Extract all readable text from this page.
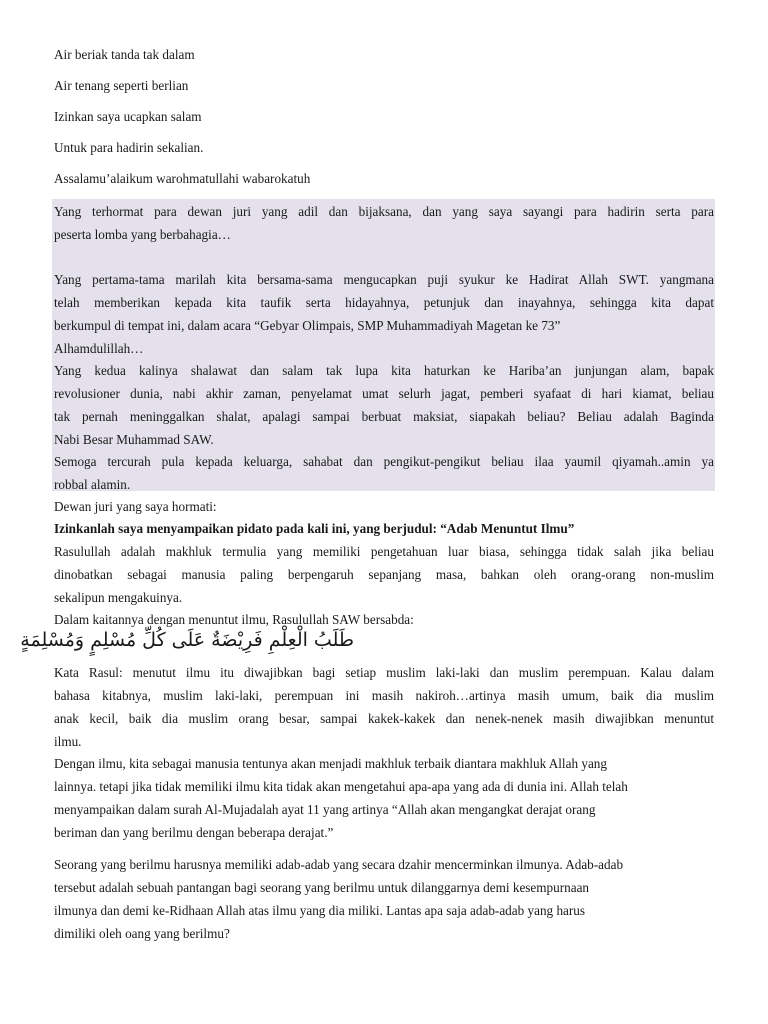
Air beriak tanda tak dalam
Air tenang seperti berlian
Izinkan saya ucapkan salam
Untuk para hadirin sekalian.
Assalamu’alaikum warohmatullahi wabarokatuh
Yang terhormat para dewan juri yang adil dan bijaksana, dan yang saya sayangi para hadirin serta para
peserta lomba yang berbahagia…
Yang pertama-tama marilah kita bersama-sama mengucapkan puji syukur ke Hadirat Allah SWT. yangmana
telah memberikan kepada kita taufik serta hidayahnya, petunjuk dan inayahnya, sehingga kita dapat
berkumpul di tempat ini, dalam acara “Gebyar Olimpais, SMP Muhammadiyah Magetan ke 73”
Alhamdulillah…
Yang kedua kalinya shalawat dan salam tak lupa kita haturkan ke Hariba’an junjungan alam, bapak
revolusioner dunia, nabi akhir zaman, penyelamat umat selurh jagat, pemberi syafaat di hari kiamat, beliau
tak pernah meninggalkan shalat, apalagi sampai berbuat maksiat, siapakah beliau? Beliau adalah Baginda
Nabi Besar Muhammad SAW.
Semoga tercurah pula kepada keluarga, sahabat dan pengikut-pengikut beliau ilaa yaumil qiyamah..amin ya
robbal alamin.
Dewan juri yang saya hormati:
Izinkanlah saya menyampaikan pidato pada kali ini, yang berjudul: “Adab Menuntut Ilmu”
Rasulullah adalah makhluk termulia yang memiliki pengetahuan luar biasa, sehingga tidak salah jika beliau
dinobatkan sebagai manusia paling berpengaruh sepanjang masa, bahkan oleh orang-orang non-muslim
sekalipun mengakuinya.
Dalam kaitannya dengan menuntut ilmu, Rasulullah SAW bersabda:
طَلَبُ الْعِلْمِ فَرِيْضَةٌ عَلَى كُلِّ مُسْلِمٍ وَمُسْلِمَةٍ
Kata Rasul: menutut ilmu itu diwajibkan bagi setiap muslim laki-laki dan muslim perempuan. Kalau dalam
bahasa kitabnya, muslim laki-laki, perempuan ini masih nakiroh…artinya masih umum, baik dia muslim
anak kecil, baik dia muslim orang besar, sampai kakek-kakek dan nenek-nenek masih diwajibkan menuntut
ilmu.
Dengan ilmu, kita sebagai manusia tentunya akan menjadi makhluk terbaik diantara makhluk Allah yang
lainnya. tetapi jika tidak memiliki ilmu kita tidak akan mengetahui apa-apa yang ada di dunia ini. Allah telah
menyampaikan dalam surah Al-Mujadalah ayat 11 yang artinya “Allah akan mengangkat derajat orang
beriman dan yang berilmu dengan beberapa derajat.”
Seorang yang berilmu harusnya memiliki adab-adab yang secara dzahir mencerminkan ilmunya. Adab-adab
tersebut adalah sebuah pantangan bagi seorang yang berilmu untuk dilanggarnya demi kesempurnaan
ilmunya dan demi ke-Ridhaan Allah atas ilmu yang dia miliki. Lantas apa saja adab-adab yang harus
dimiliki oleh oang yang berilmu?
